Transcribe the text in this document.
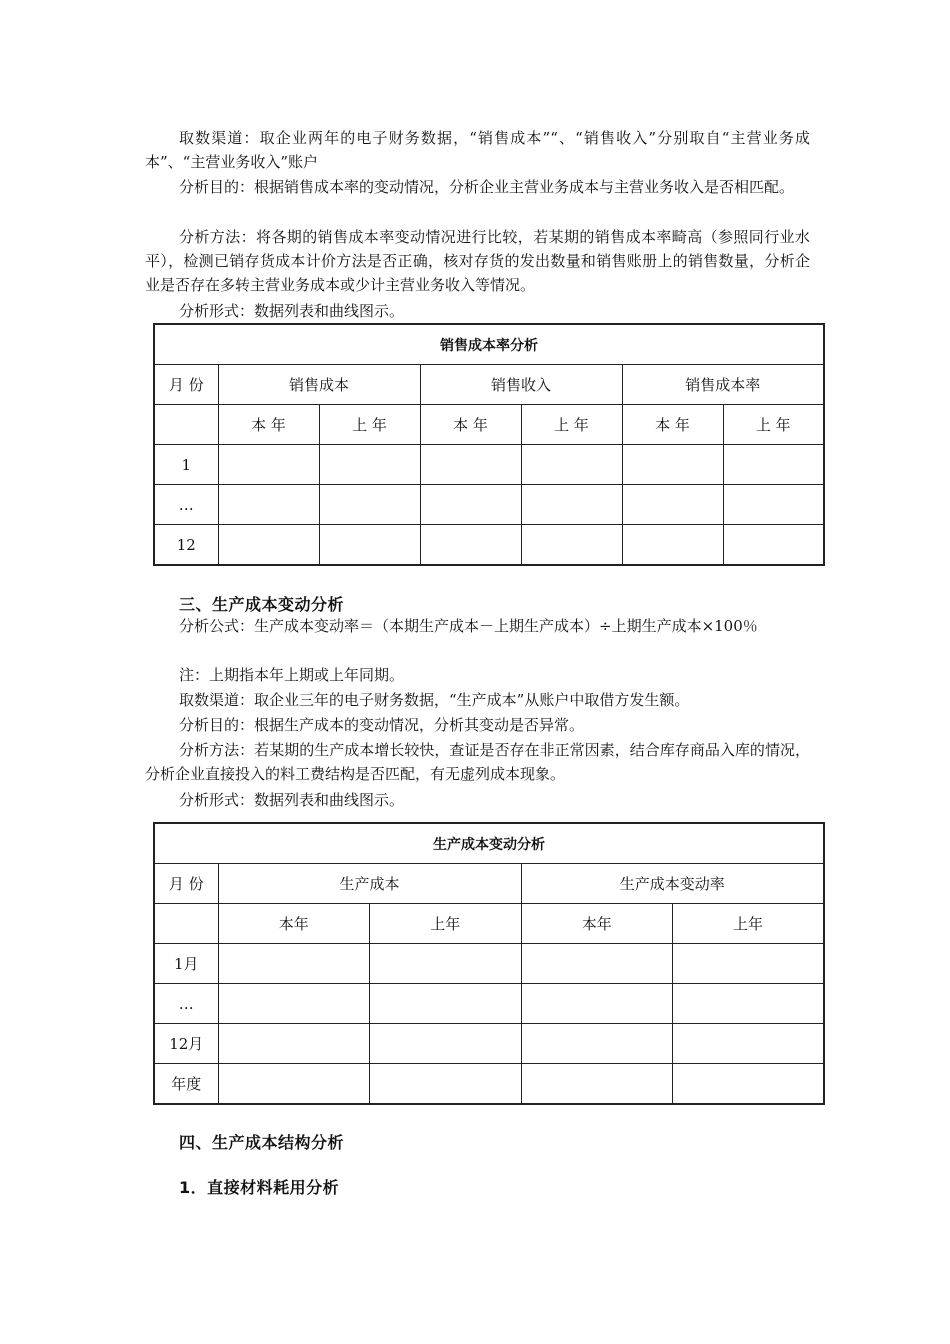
取数渠道：取企业两年的电子财务数据，“销售成本”“、“销售收入”分别取自“主营业务成本”、“主营业务收入”账户

分析目的：根据销售成本率的变动情况，分析企业主营业务成本与主营业务收入是否相匹配。

分析方法：将各期的销售成本率变动情况进行比较，若某期的销售成本率畸高（参照同行业水平），检测已销存货成本计价方法是否正确，核对存货的发出数量和销售账册上的销售数量，分析企业是否存在多转主营业务成本或少计主营业务收入等情况。

分析形式：数据列表和曲线图示。

销售成本率分析						
月 份	销售成本		销售收入		销售成本率	
	本 年	上 年	本 年	上 年	本 年	上 年
1						
…						
12						
三、生产成本变动分析

分析公式：生产成本变动率＝（本期生产成本－上期生产成本）÷上期生产成本×100％

注：上期指本年上期或上年同期。

取数渠道：取企业三年的电子财务数据，“生产成本”从账户中取借方发生额。

分析目的：根据生产成本的变动情况，分析其变动是否异常。

分析方法：若某期的生产成本增长较快，查证是否存在非正常因素，结合库存商品入库的情况，分析企业直接投入的料工费结构是否匹配，有无虚列成本现象。

分析形式：数据列表和曲线图示。

生产成本变动分析				
月 份	生产成本		生产成本变动率	
	本年	上年	本年	上年
1月				
…				
12月				
年度				
四、生产成本结构分析
1．直接材料耗用分析
